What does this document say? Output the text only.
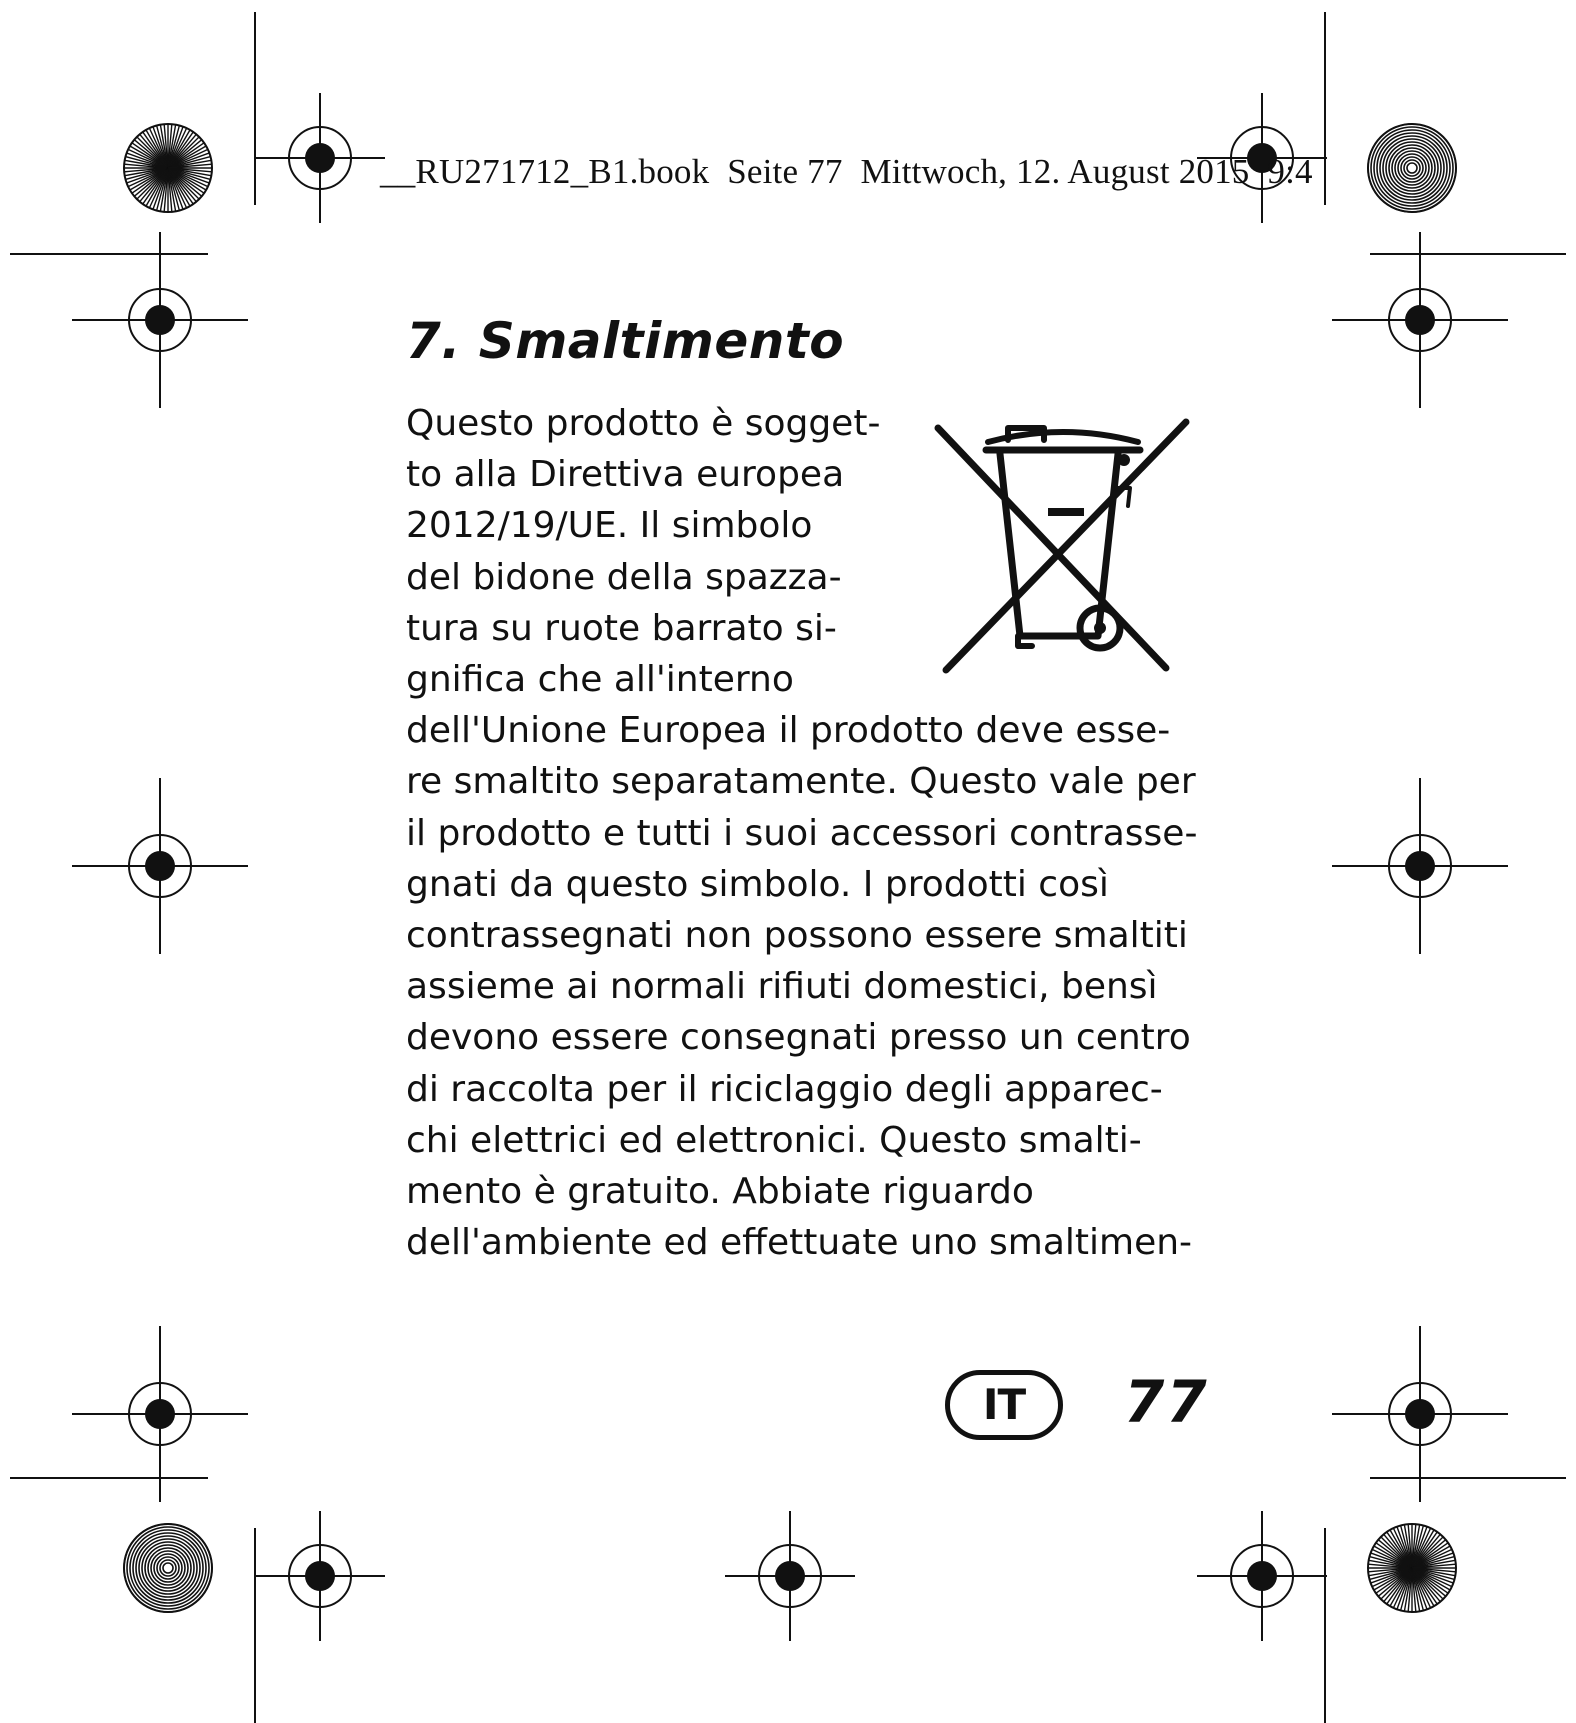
__RU271712_B1.book  Seite 77  Mittwoch, 12. August 2015  9:4
7. Smaltimento
Questo prodotto è sogget-
to alla Direttiva europea
2012/19/UE. Il simbolo
del bidone della spazza-
tura su ruote barrato si-
gnifica che all'interno
dell'Unione Europea il prodotto deve esse-
re smaltito separatamente. Questo vale per
il prodotto e tutti i suoi accessori contrasse-
gnati da questo simbolo. I prodotti così
contrassegnati non possono essere smaltiti
assieme ai normali rifiuti domestici, bensì
devono essere consegnati presso un centro
di raccolta per il riciclaggio degli apparec-
chi elettrici ed elettronici. Questo smalti-
mento è gratuito. Abbiate riguardo
dell'ambiente ed effettuate uno smaltimen-
IT	77
